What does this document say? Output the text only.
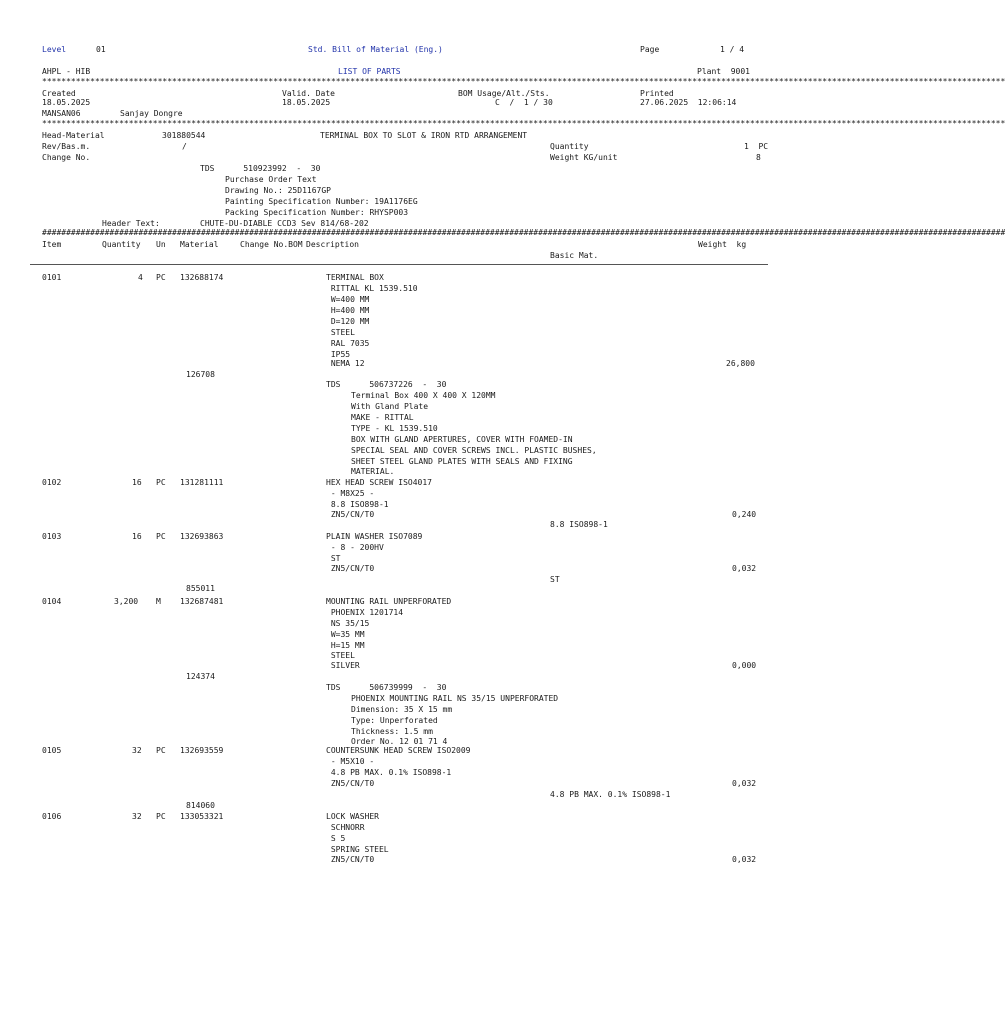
Level	01	Std. Bill of Material (Eng.)	Page	1 / 4
AHPL - HIB	LIST OF PARTS	Plant  9001
********************************************************************************************************************************************************************************************************
Created
18.05.2025
MANSAN06	Sanjay Dongre
Valid. Date
18.05.2025
BOM Usage/Alt./Sts.
C  /  1 / 30
Printed
27.06.2025  12:06:14
********************************************************************************************************************************************************************************************************
Head-Material	301880544	TERMINAL BOX TO SLOT & IRON RTD ARRANGEMENT
Rev/Bas.m.	/	Quantity	1  PC
Change No.	Weight KG/unit	8
TDS      510923992  -  30
Purchase Order Text
Drawing No.: 25D1167GP
Painting Specification Number: 19A1176EG
Packing Specification Number: RHYSP003
Header Text:	CHUTE-DU-DIABLE CCD3 Sev 814/68-202
########################################################################################################################################################################################################
Item	Quantity Un Material	Change No.BOM Description	Weight  kg
Basic Mat.
0101	4 PC 132688174	TERMINAL BOX
RITTAL KL 1539.510
W=400 MM
H=400 MM
D=120 MM
STEEL
RAL 7035
IP55
NEMA 12	26,800
126708
TDS      506737226  -  30
Terminal Box 400 X 400 X 120MM
With Gland Plate
MAKE - RITTAL
TYPE - KL 1539.510
BOX WITH GLAND APERTURES, COVER WITH FOAMED-IN
SPECIAL SEAL AND COVER SCREWS INCL. PLASTIC BUSHES,
SHEET STEEL GLAND PLATES WITH SEALS AND FIXING
MATERIAL.
0102	16 PC 131281111	HEX HEAD SCREW ISO4017
- M8X25 -
8.8 ISO898-1
ZN5/CN/T0	0,240
8.8 ISO898-1
0103	16 PC 132693863	PLAIN WASHER ISO7089
- 8 - 200HV
ST
ZN5/CN/T0	0,032
ST
855011
0104	3,200 M 132687481	MOUNTING RAIL UNPERFORATED
PHOENIX 1201714
NS 35/15
W=35 MM
H=15 MM
STEEL
SILVER	0,000
124374
TDS      506739999  -  30
PHOENIX MOUNTING RAIL NS 35/15 UNPERFORATED
Dimension: 35 X 15 mm
Type: Unperforated
Thickness: 1.5 mm
Order No. 12 01 71 4
0105	32 PC 132693559	COUNTERSUNK HEAD SCREW ISO2009
- M5X10 -
4.8 PB MAX. 0.1% ISO898-1
ZN5/CN/T0	0,032
4.8 PB MAX. 0.1% ISO898-1
814060
0106	32 PC 133053321	LOCK WASHER
SCHNORR
S 5
SPRING STEEL
ZN5/CN/T0	0,032
